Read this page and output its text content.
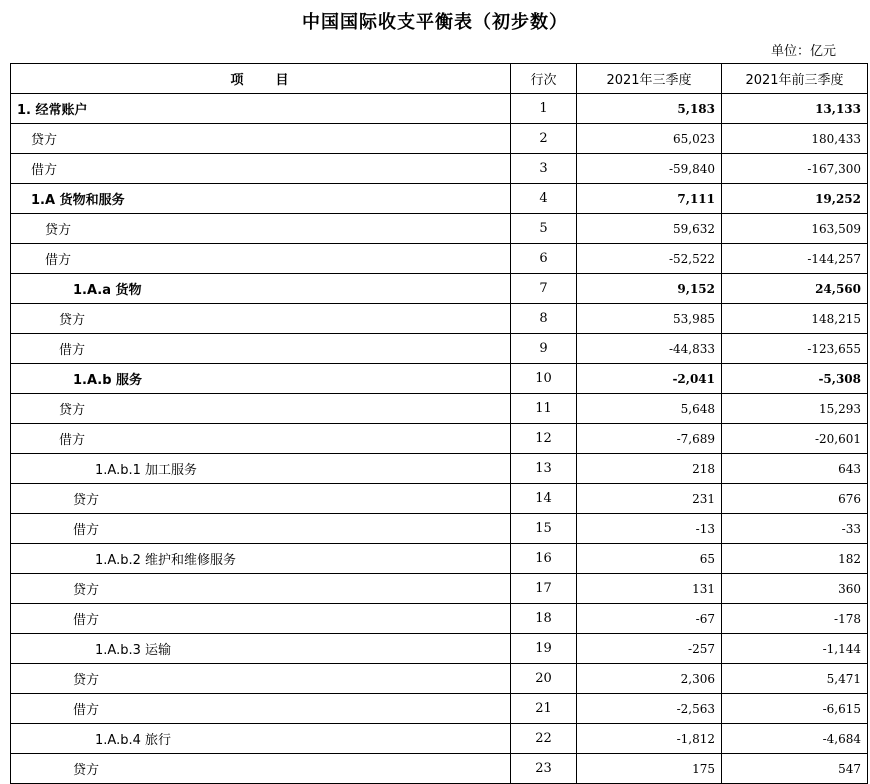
中国国际收支平衡表（初步数）
单位：亿元
项　　目	行次	2021年三季度	2021年前三季度
1. 经常账户	1	5,183	13,133
贷方	2	65,023	180,433
借方	3	-59,840	-167,300
1.A 货物和服务	4	7,111	19,252
贷方	5	59,632	163,509
借方	6	-52,522	-144,257
1.A.a 货物	7	9,152	24,560
贷方	8	53,985	148,215
借方	9	-44,833	-123,655
1.A.b 服务	10	-2,041	-5,308
贷方	11	5,648	15,293
借方	12	-7,689	-20,601
1.A.b.1 加工服务	13	218	643
贷方	14	231	676
借方	15	-13	-33
1.A.b.2 维护和维修服务	16	65	182
贷方	17	131	360
借方	18	-67	-178
1.A.b.3 运输	19	-257	-1,144
贷方	20	2,306	5,471
借方	21	-2,563	-6,615
1.A.b.4 旅行	22	-1,812	-4,684
贷方	23	175	547
